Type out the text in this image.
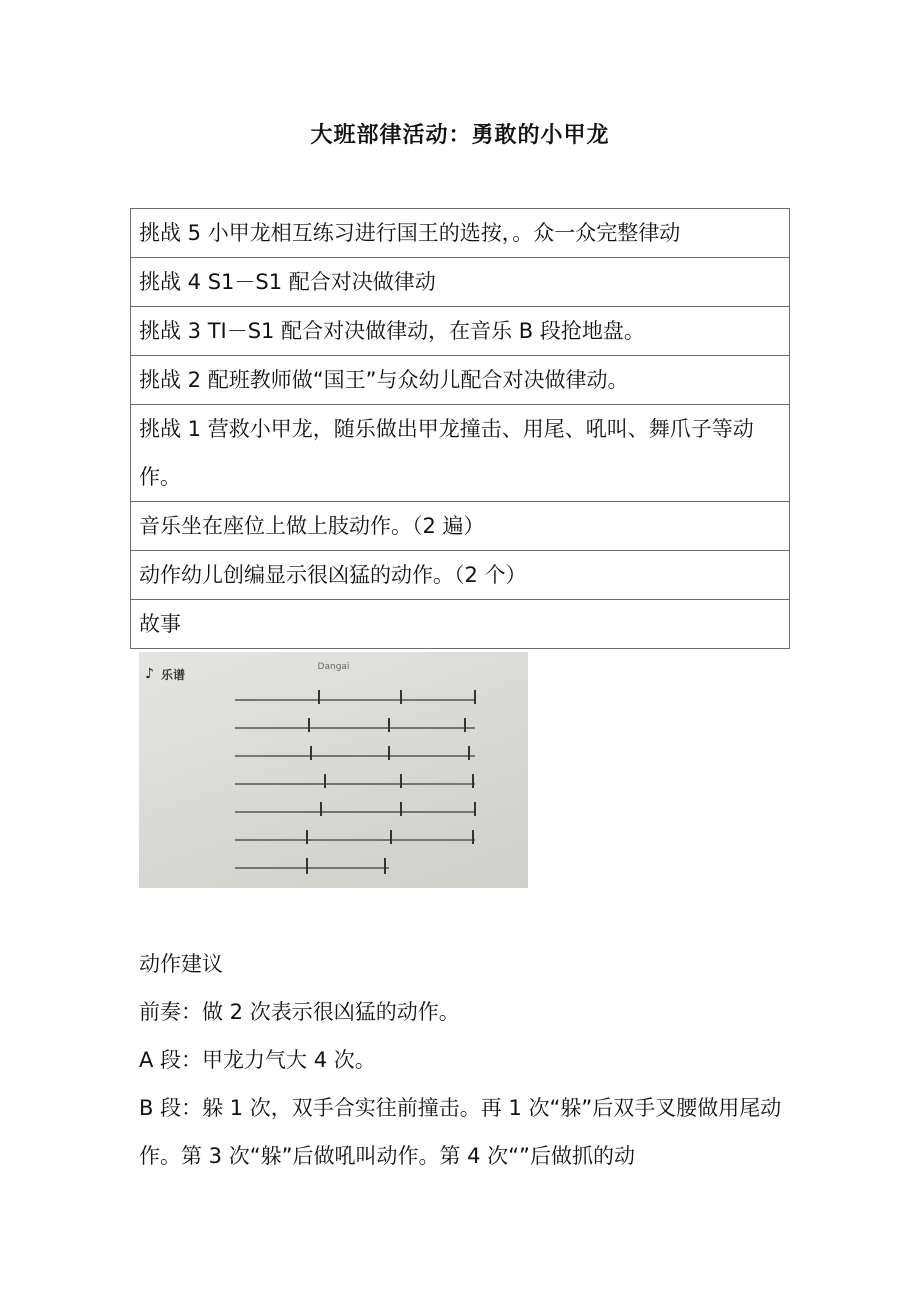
大班部律活动：勇敢的小甲龙
挑战 5 小甲龙相互练习进行国王的选按，。众一众完整律动
挑战 4 S1－S1 配合对决做律动
挑战 3 TI－S1 配合对决做律动，在音乐 B 段抢地盘。
挑战 2 配班教师做“国王”与众幼儿配合对决做律动。
挑战 1 营救小甲龙，随乐做出甲龙撞击、用尾、吼叫、舞爪子等动作。
音乐坐在座位上做上肢动作。（2 遍）
动作幼儿创编显示很凶猛的动作。（2 个）
故事
♪ 乐谱
Dangai
动作建议
前奏：做 2 次表示很凶猛的动作。
A 段：甲龙力气大 4 次。
B 段：躲 1 次，双手合实往前撞击。再 1 次“躲”后双手叉腰做用尾动作。第 3 次“躲”后做吼叫动作。第 4 次“”后做抓的动
